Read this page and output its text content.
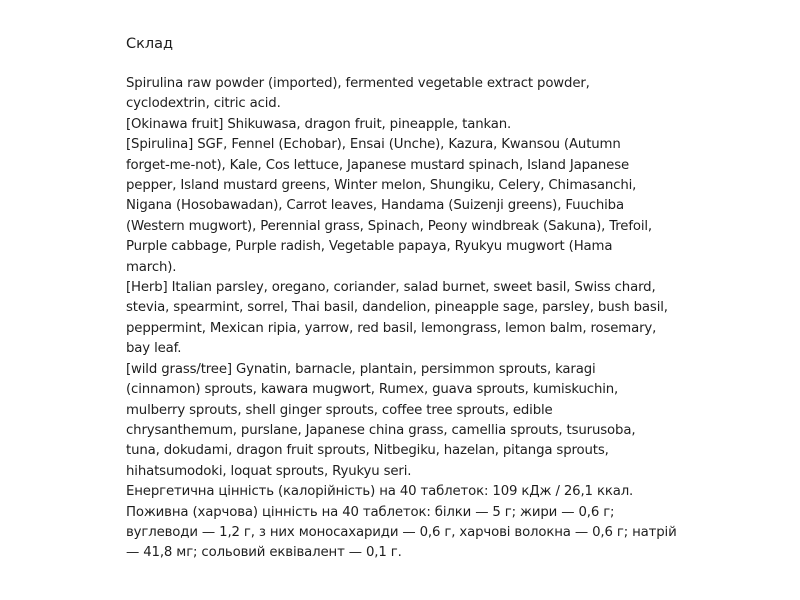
Склад
Spirulina raw powder (imported), fermented vegetable extract powder,
cyclodextrin, citric acid.
[Okinawa fruit] Shikuwasa, dragon fruit, pineapple, tankan.
[Spirulina] SGF, Fennel (Echobar), Ensai (Unche), Kazura, Kwansou (Autumn
forget-me-not), Kale, Cos lettuce, Japanese mustard spinach, Island Japanese
pepper, Island mustard greens, Winter melon, Shungiku, Celery, Chimasanchi,
Nigana (Hosobawadan), Carrot leaves, Handama (Suizenji greens), Fuuchiba
(Western mugwort), Perennial grass, Spinach, Peony windbreak (Sakuna), Trefoil,
Purple cabbage, Purple radish, Vegetable papaya, Ryukyu mugwort (Hama
march).
[Herb] Italian parsley, oregano, coriander, salad burnet, sweet basil, Swiss chard,
stevia, spearmint, sorrel, Thai basil, dandelion, pineapple sage, parsley, bush basil,
peppermint, Mexican ripia, yarrow, red basil, lemongrass, lemon balm, rosemary,
bay leaf.
[wild grass/tree] Gynatin, barnacle, plantain, persimmon sprouts, karagi
(cinnamon) sprouts, kawara mugwort, Rumex, guava sprouts, kumiskuchin,
mulberry sprouts, shell ginger sprouts, coffee tree sprouts, edible
chrysanthemum, purslane, Japanese china grass, camellia sprouts, tsurusoba,
tuna, dokudami, dragon fruit sprouts, Nitbegiku, hazelan, pitanga sprouts,
hihatsumodoki, loquat sprouts, Ryukyu seri.
Енергетична цінність (калорійність) на 40 таблеток: 109 кДж / 26,1 ккал.
Поживна (харчова) цінність на 40 таблеток: білки — 5 г; жири — 0,6 г;
вуглеводи — 1,2 г, з них моносахариди — 0,6 г, харчові волокна — 0,6 г; натрій
— 41,8 мг; сольовий еквівалент — 0,1 г.
